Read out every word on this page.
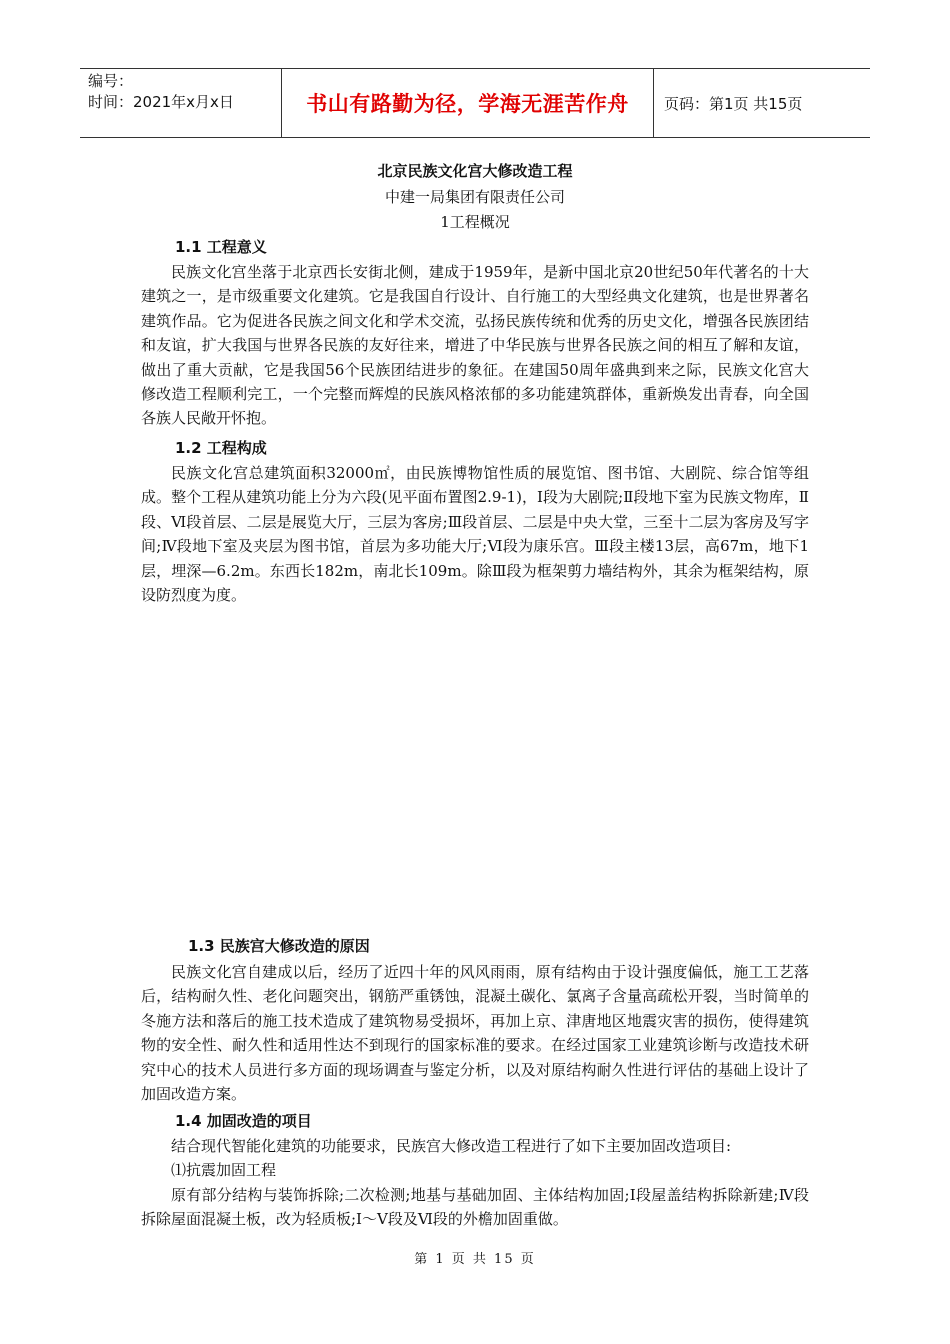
编号：
时间：2021年x月x日	书山有路勤为径，学海无涯苦作舟	页码：第1页 共15页
北京民族文化宫大修改造工程
中建一局集团有限责任公司
1工程概况
1.1 工程意义

民族文化宫坐落于北京西长安街北侧，建成于1959年，是新中国北京20世纪50年代著名的十大建筑之一，是市级重要文化建筑。它是我国自行设计、自行施工的大型经典文化建筑，也是世界著名建筑作品。它为促进各民族之间文化和学术交流，弘扬民族传统和优秀的历史文化，增强各民族团结和友谊，扩大我国与世界各民族的友好往来，增进了中华民族与世界各民族之间的相互了解和友谊，做出了重大贡献，它是我国56个民族团结进步的象征。在建国50周年盛典到来之际，民族文化宫大修改造工程顺利完工，一个完整而辉煌的民族风格浓郁的多功能建筑群体，重新焕发出青春，向全国各族人民敞开怀抱。

1.2 工程构成

民族文化宫总建筑面积32000㎡，由民族博物馆性质的展览馆、图书馆、大剧院、综合馆等组成。整个工程从建筑功能上分为六段(见平面布置图2.9-1)，Ⅰ段为大剧院;Ⅱ段地下室为民族文物库，Ⅱ段、Ⅵ段首层、二层是展览大厅，三层为客房;Ⅲ段首层、二层是中央大堂，三至十二层为客房及写字间;Ⅳ段地下室及夹层为图书馆，首层为多功能大厅;Ⅵ段为康乐宫。Ⅲ段主楼13层，高67m，地下1层，埋深—6.2m。东西长182m，南北长109m。除Ⅲ段为框架剪力墙结构外，其余为框架结构，原设防烈度为度。

1.3 民族宫大修改造的原因

民族文化宫自建成以后，经历了近四十年的风风雨雨，原有结构由于设计强度偏低，施工工艺落后，结构耐久性、老化问题突出，钢筋严重锈蚀，混凝土碳化、氯离子含量高疏松开裂，当时简单的冬施方法和落后的施工技术造成了建筑物易受损坏，再加上京、津唐地区地震灾害的损伤，使得建筑物的安全性、耐久性和适用性达不到现行的国家标准的要求。在经过国家工业建筑诊断与改造技术研究中心的技术人员进行多方面的现场调查与鉴定分析，以及对原结构耐久性进行评估的基础上设计了加固改造方案。

1.4 加固改造的项目

结合现代智能化建筑的功能要求，民族宫大修改造工程进行了如下主要加固改造项目:

⑴抗震加固工程

原有部分结构与装饰拆除;二次检测;地基与基础加固、主体结构加固;Ⅰ段屋盖结构拆除新建;Ⅳ段拆除屋面混凝土板，改为轻质板;Ⅰ～Ⅴ段及Ⅵ段的外檐加固重做。

第 1 页 共 15 页
